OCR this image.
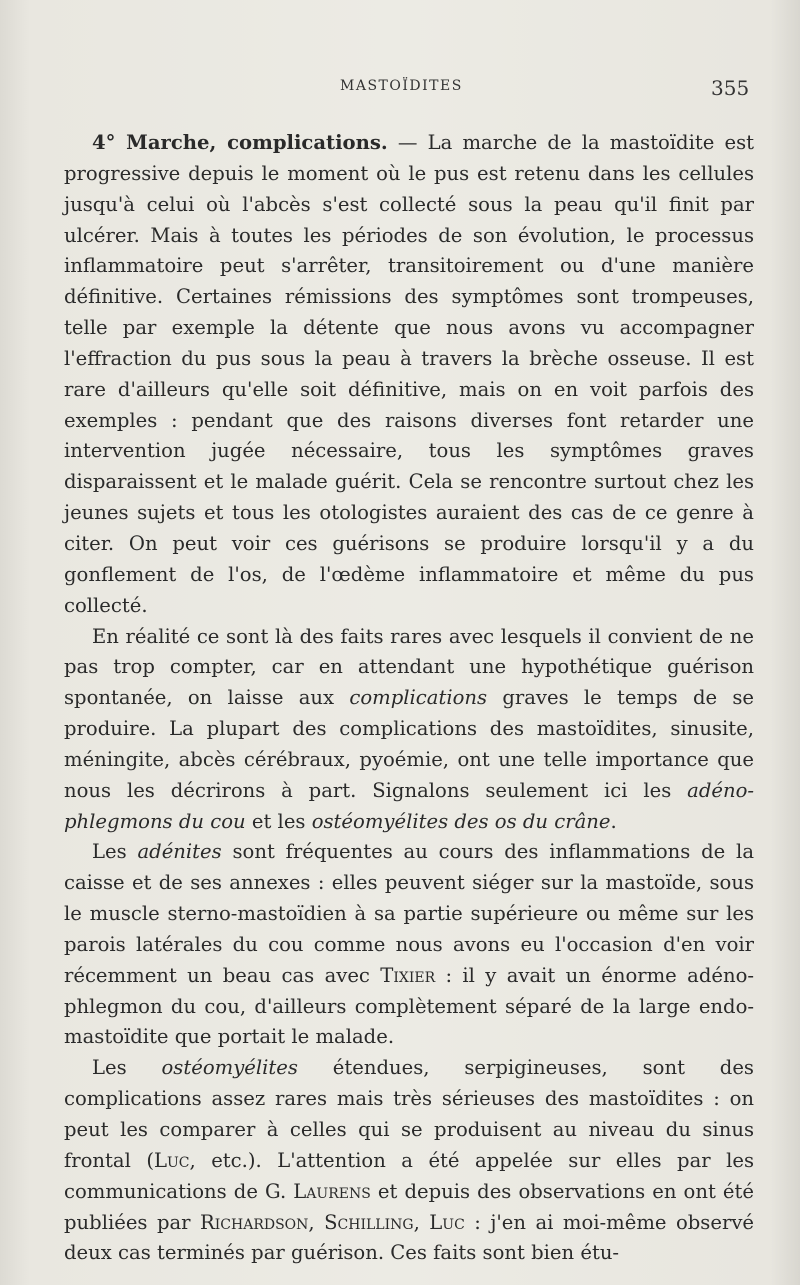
MASTOÏDITES	355

4° Marche, complications. — La marche de la mastoïdite est progressive depuis le moment où le pus est retenu dans les cellules jusqu'à celui où l'abcès s'est collecté sous la peau qu'il finit par ulcérer. Mais à toutes les périodes de son évolution, le processus inflammatoire peut s'arrêter, transitoirement ou d'une manière définitive. Certaines rémissions des symptômes sont trompeuses, telle par exemple la détente que nous avons vu accompagner l'effraction du pus sous la peau à travers la brèche osseuse. Il est rare d'ailleurs qu'elle soit définitive, mais on en voit parfois des exemples : pendant que des raisons diverses font retarder une intervention jugée nécessaire, tous les symptômes graves disparaissent et le malade guérit. Cela se rencontre surtout chez les jeunes sujets et tous les otologistes auraient des cas de ce genre à citer. On peut voir ces guérisons se produire lorsqu'il y a du gonflement de l'os, de l'œdème inflammatoire et même du pus collecté.

En réalité ce sont là des faits rares avec lesquels il convient de ne pas trop compter, car en attendant une hypothétique guérison spontanée, on laisse aux complications graves le temps de se produire. La plupart des complications des mastoïdites, sinusite, méningite, abcès cérébraux, pyoémie, ont une telle importance que nous les décrirons à part. Signalons seulement ici les adéno-phlegmons du cou et les ostéomyélites des os du crâne.

Les adénites sont fréquentes au cours des inflammations de la caisse et de ses annexes : elles peuvent siéger sur la mastoïde, sous le muscle sterno-mastoïdien à sa partie supérieure ou même sur les parois latérales du cou comme nous avons eu l'occasion d'en voir récemment un beau cas avec Tixier : il y avait un énorme adéno-phlegmon du cou, d'ailleurs complètement séparé de la large endo-mastoïdite que portait le malade.

Les ostéomyélites étendues, serpigineuses, sont des complications assez rares mais très sérieuses des mastoïdites : on peut les comparer à celles qui se produisent au niveau du sinus frontal (Luc, etc.). L'attention a été appelée sur elles par les communications de G. Laurens et depuis des observations en ont été publiées par Richardson, Schilling, Luc : j'en ai moi-même observé deux cas terminés par guérison. Ces faits sont bien étu-
